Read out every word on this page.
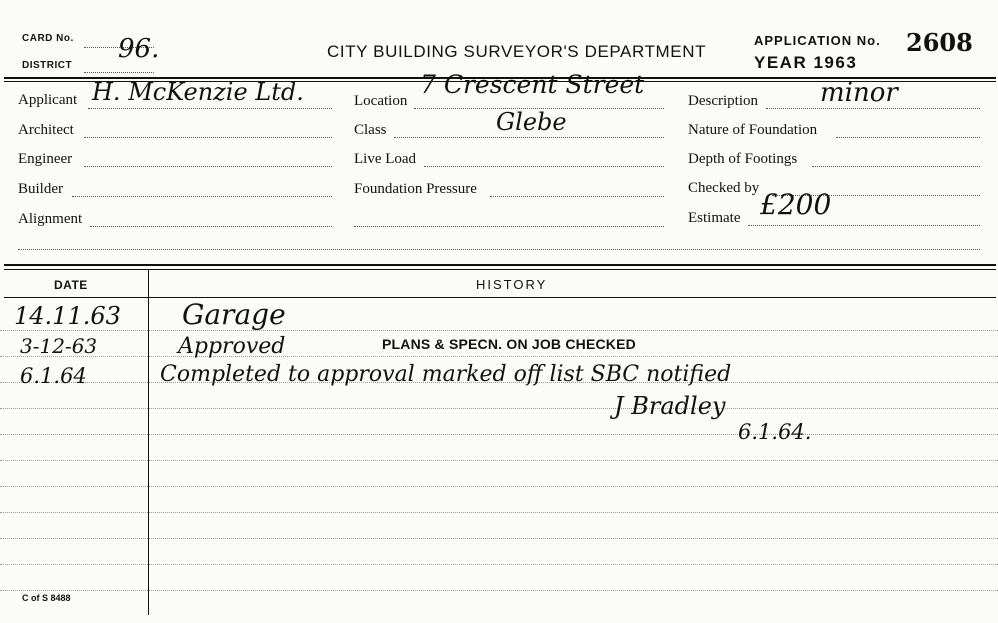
CARD No.
DISTRICT
96.	CITY BUILDING SURVEYOR'S DEPARTMENT
APPLICATION No. 2608
YEAR 1963
Applicant H. McKenzie Ltd.
Architect
Engineer
Builder
Alignment
Location
7 Crescent Street
Class	Glebe
Live Load
Foundation Pressure
Description minor
Nature of Foundation
Depth of Footings
Checked by
Estimate £200
DATE	HISTORY
14.11.63 Garage
3-12-63	Approved	PLANS & SPECN. ON JOB CHECKED
6.1.64	Completed to approval marked off list SBC notified
J Bradley
6.1.64.
C of S 8488
